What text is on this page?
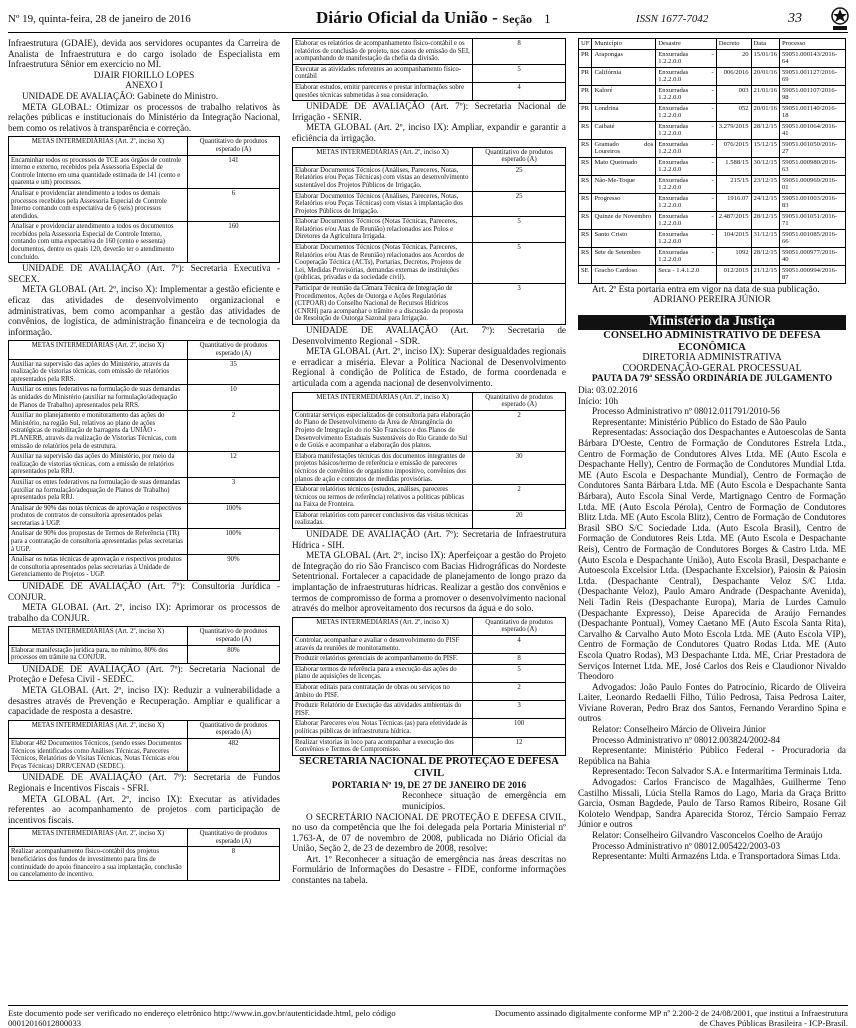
Nº 19, quinta-feira, 28 de janeiro de 2016	Diário Oficial da União - Seção 1	ISSN 1677-7042	33

Infraestrutura (GDAIE), devida aos servidores ocupantes da Carreira de Analista de Infraestrutura e do cargo isolado de Especialista em Infraestrutura Sênior em exercício no MI.

DJAIR FIORILLO LOPES

ANEXO I

UNIDADE DE AVALIAÇÃO: Gabinete do Ministro.

META GLOBAL: Otimizar os processos de trabalho relativos às relações públicas e institucionais do Ministério da Integração Nacional, bem como os relativos à transparência e correção.

METAS INTERMEDIÁRIAS (Art. 2º, inciso X)	Quantitativo de produtos esperado (A)
Encaminhar todos os processos de TCE aos órgãos de controle interno e externo, recebidos pela Assessoria Especial de Controle Interno em uma quantidade estimada de 141 (cento e quarenta e um) processos.	141
Analisar e providenciar atendimento a todos os demais processos recebidos pela Assessoria Especial de Controle Interno contando com expectativa de 6 (seis) processos atendidos.	6
Analisar e providenciar atendimento a todos os documentos recebidos pela Assessoria Especial de Controle Interno, contando com uma expectativa de 160 (cento e sessenta) documentos, dentre os quais 120, deverão ter o atendimento concluído.	160

UNIDADE DE AVALIAÇÃO (Art. 7º): Secretaria Executiva - SECEX.

META GLOBAL (Art. 2º, inciso X): Implementar a gestão eficiente e eficaz das atividades de desenvolvimento organizacional e administrativas, bem como acompanhar a gestão das atividades de convênios, de logística, de administração financeira e de tecnologia da informação.

METAS INTERMEDIÁRIAS (Art. 2º, inciso X)	Quantitativo de produtos esperado (A)
Auxiliar na supervisão das ações do Ministério, através da realização de vistorias técnicas, com emissão de relatórios apresentados pela RRS.	35
Auxiliar os entes federativos na formulação de suas demandas às unidades do Ministério (auxiliar na formulação/adequação de Planos de Trabalho) apresentados pela RRS.	10
Auxiliar no planejamento e monitoramento das ações do Ministério, na região Sul, relativos ao plano de ações estratégicas de reabilitação de barragens da UNIÃO - PLANERB, através da realização de Vistorias Técnicas, com emissão de relatórios pela de estrutura.	2
Auxiliar na supervisão das ações do Ministério, por meio da realização de vistorias técnicas, com a emissão de relatórios apresentados pela RRJ.	12
Auxiliar os entes federativos na formulação de suas demandas (auxiliar na formulação/adequação de Planos de Trabalho) apresentados pela RRJ.	3
Analisar de 90% das notas técnicas de aprovação e respectivos produtos de contratos de consultoria apresentados pelas secretarias à UGP.	100%
Analisar de 90% dos propostas de Termos de Referência (TR) para a contratação de consultoria apresentadas pelas secretarias à UGP.	100%
Analisar os notas técnicas de aprovação e respectivos produtos de consultoria apresentados pelas secretarias à Unidade de Gerenciamento de Projetos - UGP.	90%

UNIDADE DE AVALIAÇÃO (Art. 7º): Consultoria Jurídica - CONJUR.

META GLOBAL (Art. 2º, inciso IX): Aprimorar os processos de trabalho da CONJUR.

METAS INTERMEDIÁRIAS (Art. 2º, inciso X)	Quantitativo de produtos esperado (A)
Elaborar manifestação jurídica para, no mínimo, 80% dos processos em trâmite na CONJUR.	80%

UNIDADE DE AVALIAÇÃO (Art. 7º): Secretaria Nacional de Proteção e Defesa Civil - SEDEC.

META GLOBAL (Art. 2º, inciso IX): Reduzir a vulnerabilidade a desastres através de Prevenção e Recuperação. Ampliar e qualificar a capacidade de resposta a desastre.

METAS INTERMEDIÁRIAS (Art. 2º, inciso X)	Quantitativo de produtos esperado (A)
Elaborar 482 Documentos Técnicos, (sendo esses Documentos Técnicos identificados como Análises Técnicas, Pareceres Técnicos, Relatórios de Visitas Técnicas, Notas Técnicas e/ou Peças Técnicas) DRR/CENAD (SEDEC).	482

UNIDADE DE AVALIAÇÃO (Art. 7º): Secretaria de Fundos Regionais e Incentivos Fiscais - SFRI.

META GLOBAL (Art. 2º, inciso IX): Executar as atividades referentes ao acompanhamento de projetos com participação de incentivos fiscais.

METAS INTERMEDIÁRIAS (Art. 2º, inciso X)	Quantitativo de produtos esperado (A)
Realizar acompanhamento físico-contábil dos projetos beneficiários dos fundos de investimento para fins de continuidade do apoio financeiro a sua implantação, conclusão ou cancelamento de incentivo.	8
Elaborar os relatórios de acompanhamento físico-contábil e os relatórios de conclusão de projeto, nos casos de emissão do SEI, acompanhando de manifestação da chefia da divisão.	8
Executar as atividades referentes ao acompanhamento físico-contábil	5
Elaborar estudos, emitir pareceres e prestar informações sobre questões técnicas submetidas à sua consideração.	4

UNIDADE DE AVALIAÇÃO (Art. 7º): Secretaria Nacional de Irrigação - SENIR.

META GLOBAL (Art. 2º, inciso IX): Ampliar, expandir e garantir a eficiência da irrigação.

METAS INTERMEDIÁRIAS (Art. 2º, inciso X)	Quantitativo de produtos esperado (A)
Elaborar Documentos Técnicos (Análises, Pareceres, Notas, Relatórios e/ou Peças Técnicas) com vistas ao desenvolvimento sustentável dos Projetos Públicos de Irrigação.	25
Elaborar Documentos Técnicos (Análises, Pareceres, Notas, Relatórios e/ou Peças Técnicas) com vistas à implantação dos Projetos Públicos de Irrigação.	25
Elaborar Documentos Técnicos (Notas Técnicas, Pareceres, Relatórios e/ou Atas de Reunião) relacionados aos Polos e Diretores da Agricultura Irrigada.	5
Elaborar Documentos Técnicos (Notas Técnicas, Pareceres, Relatórios e/ou Atas de Reunião) relacionados aos Acordos de Cooperação Técnica (ACTs), Portarias, Decretos, Projetos de Lei, Medidas Provisórias, demandas externas de instituições (públicas, privadas e da sociedade civil).	5
Participar de reunião da Câmara Técnica de Integração de Procedimentos, Ações de Outorga e Ações Regulatórias (CTPOAR) do Conselho Nacional de Recursos Hídricos (CNRH) para acompanhar o trâmite e a discussão da proposta de Resolução de Outorga Sazonal para Irrigação.	3

UNIDADE DE AVALIAÇÃO (Art. 7º): Secretaria de Desenvolvimento Regional - SDR.

META GLOBAL (Art. 2º, inciso IX): Superar desigualdades regionais e erradicar a miséria. Elevar a Política Nacional de Desenvolvimento Regional à condição de Política de Estado, de forma coordenada e articulada com a agenda nacional de desenvolvimento.

METAS INTERMEDIÁRIAS (Art. 2º, inciso X)	Quantitativo de produtos esperado (A)
Contratar serviços especializados de consultoria para elaboração do Plano de Desenvolvimento da Área de Abrangência do Projeto de Integração do rio São Francisco e dos Planos de Desenvolvimento Estaduais Sustentáveis do Rio Grande do Sul e de Goiás e acompanhar a elaboração dos planos.	2
Elabora manifestações técnicas dos documentos integrantes de projetos básicos/termo de referência e emissão de pareceres técnicos de convênios de organismo impositivo, convênios dos planos de ação e contratos de medidas provisórias.	30
Elaborar relatórios técnicos (estudos, análises, pareceres técnicos ou termos de referência) relativos a políticas públicas na Faixa de Fronteira.	2
Elaborar relatórios com parecer conclusivos das visitas técnicas realizadas.	20

UNIDADE DE AVALIAÇÃO (Art. 7º): Secretaria de Infraestrutura Hídrica - SIH.

META GLOBAL (Art. 2º, inciso IX): Aperfeiçoar a gestão do Projeto de Integração do rio São Francisco com Bacias Hidrográficas do Nordeste Setentrional. Fortalecer a capacidade de planejamento de longo prazo da implantação de infraestruturas hídricas. Realizar a gestão dos convênios e termos de compromisso de forma a promover o desenvolvimento nacional através do melhor aproveitamento dos recursos da água e do solo.

METAS INTERMEDIÁRIAS (Art. 2º, inciso X)	Quantitativo de produtos esperado (A)
Controlar, acompanhar e avaliar o desenvolvimento do PISF através da reuniões de monitoramento.	4
Produzir relatórios gerenciais de acompanhamento do PISF.	8
Elaborar termos de referência para a execução das ações do plano de aquisições de licenças.	5
Elaborar editais para contratação de obras ou serviços no âmbito do PISF.	2
Produzir Relatório de Execução das atividades ambientais do PISF.	3
Elaborar Pareceres e/ou Notas Técnicas (as) para efetividade às políticas públicas de infraestrutura hídrica.	100
Realizar vistorias in loco para acompanhar a execução dos Convênios e Termos de Compromisso.	12

SECRETARIA NACIONAL DE PROTEÇÃO E DEFESA CIVIL

PORTARIA Nº 19, DE 27 DE JANEIRO DE 2016

Reconhece situação de emergência em municípios.

O SECRETÁRIO NACIONAL DE PROTEÇÃO E DEFESA CIVIL, no uso da competência que lhe foi delegada pela Portaria Ministerial nº 1.763-A, de 07 de novembro de 2008, publicada no Diário Oficial da União, Seção 2, de 23 de dezembro de 2008, resolve:

Art. 1º Reconhecer a situação de emergência nas áreas descritas no Formulário de Informações do Desastre - FIDE, conforme informações constantes na tabela.

UF	Município	Desastre	Decreto	Data	Processo
PR	Arapongas	Enxurradas - 1.2.2.0.0	20	15/01/16	59051.000143/2016-64
PR	Califórnia	Enxurradas - 1.2.2.0.0	006/2016	20/01/16	59051.001127/2016-69
PR	Kaloré	Enxurradas - 1.2.2.0.0	003	21/01/16	59051.001107/2016-98
PR	Londrina	Enxurradas - 1.2.2.0.0	052	20/01/16	59051.001140/2016-18
RS	Caibaté	Enxurradas - 1.2.2.0.0	3.279/2015	28/12/15	59051.001064/2016-41
RS	Gramado dos Loureiros	Enxurradas - 1.2.2.0.0	076/2015	15/12/15	59051.001050/2016-27
RS	Mato Queimado	Enxurradas - 1.2.2.0.0	1.588/15	30/12/15	59051.000980/2016-63
RS	Não-Me-Toque	Enxurradas - 1.2.2.0.0	215/15	23/12/15	59051.000969/2016-01
RS	Progresso	Enxurradas - 1.2.2.0.0	1916.07	24/12/15	59051.001003/2016-83
RS	Quinze de Novembro	Enxurradas - 1.2.2.0.0	2.487/2015	28/12/15	59051.001051/2016-71
RS	Santo Cristo	Enxurradas - 1.2.2.0.0	104/2015	31/12/15	59051.001085/2016-66
RS	Sete de Setembro	Enxurradas - 1.2.2.0.0	1092	28/12/15	59051.000977/2016-40
SE	Gracho Cardoso	Seca - 1.4.1.2.0	012/2015	21/12/15	59051.000994/2016-87

Art. 2º Esta portaria entra em vigor na data de sua publicação.

ADRIANO PEREIRA JÚNIOR

Ministério da Justiça

CONSELHO ADMINISTRATIVO DE DEFESA ECONÔMICA

DIRETORIA ADMINISTRATIVA

COORDENAÇÃO-GERAL PROCESSUAL

PAUTA DA 79ª SESSÃO ORDINÁRIA DE JULGAMENTO

Dia: 03.02.2016

Início: 10h

Processo Administrativo nº 08012.011791/2010-56

Representante: Ministério Público do Estado de São Paulo

Representadas: Associação dos Despachantes e Autoescolas de Santa Bárbara D'Oeste, Centro de Formação de Condutores Estrela Ltda., Centro de Formação de Condutores Alves Ltda. ME (Auto Escola e Despachante Helly), Centro de Formação de Condutores Mundial Ltda. ME (Auto Escola e Despachante Mundial), Centro de Formação de Condutores Santa Bárbara Ltda. ME (Auto Escola e Despachante Santa Bárbara), Auto Escola Sinal Verde, Martignago Centro de Formação Ltda. ME (Auto Escola Pérola), Centro de Formação de Condutores Blitz Ltda. ME (Auto Escola Blitz), Centro de Formação de Condutores Brasil SBO S/C Sociedade Ltda. (Auto Escola Brasil), Centro de Formação de Condutores Reis Ltda. ME (Auto Escola e Despachante Reis), Centro de Formação de Condutores Borges & Castro Ltda. ME (Auto Escola e Despachante União), Auto Escola Brasil, Despachante e Autoescola Excelsior Ltda. (Despachante Excelsior), Paiosin & Paiosin Ltda. (Despachante Central), Despachante Veloz S/C Ltda. (Despachante Veloz), Paulo Amaro Andrade (Despachante Avenida), Neli Tadin Reis (Despachante Europa), Maria de Lurdes Camulo (Despachante Expresso), Deise Aparecida de Araújo Fernandes (Despachante Pontual), Vomey Caetano ME (Auto Escola Santa Rita), Carvalho & Carvalho Auto Moto Escola Ltda. ME (Auto Escola VIP), Centro de Formação de Condutores Quatro Rodas Ltda. ME (Auto Escola Quatro Rodas), M3 Despachante Ltda. ME, Criar Prestadora de Serviços Internet Ltda. ME, José Carlos dos Reis e Claudionor Nivaldo Theodoro

Advogados: João Paulo Fontes do Patrocínio, Ricardo de Oliveira Laiter, Leonardo Redaelli Filho, Túlio Pedrosa, Taisa Pedrosa Laiter, Viviane Roveran, Pedro Braz dos Santos, Fernando Verardino Spina e outros

Relator: Conselheiro Márcio de Oliveira Júnior

Processo Administrativo nº 08012.003824/2002-84

Representante: Ministério Público Federal - Procuradoria da República na Bahia

Representado: Tecon Salvador S.A. e Intermarítima Terminais Ltda.

Advogados: Carlos Francisco de Magalhães, Guilherme Teno Castilho Missali, Lúcia Stella Ramos do Lago, Maria da Graça Britto Garcia, Osman Bagdede, Paulo de Tarso Ramos Ribeiro, Rosane Gil Kolotelo Wendpap, Sandra Aparecida Storoz, Tércio Sampaio Ferraz Júnior e outros

Relator: Conselheiro Gilvandro Vasconcelos Coelho de Araújo

Processo Administrativo nº 08012.005422/2003-03

Representante: Multi Armazéns Ltda. e Transportadora Simas Ltda.

Este documento pode ser verificado no endereço eletrônico http://www.in.gov.br/autenticidade.html, pelo código 00012016012800033
Documento assinado digitalmente conforme MP nº 2.200-2 de 24/08/2001, que institui a Infraestrutura de Chaves Públicas Brasileira - ICP-Brasil.
